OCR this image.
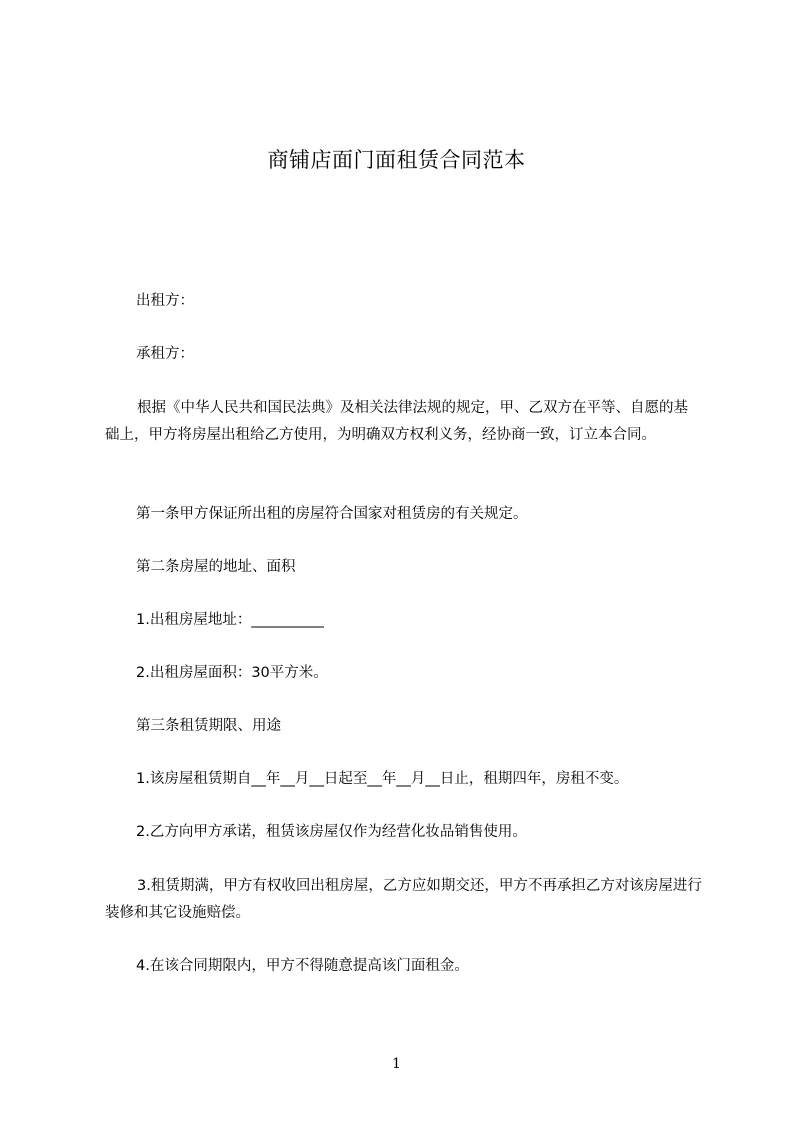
商铺店面门面租赁合同范本
出租方：
承租方：
根据《中华人民共和国民法典》及相关法律法规的规定，甲、乙双方在平等、自愿的基础上，甲方将房屋出租给乙方使用，为明确双方权利义务，经协商一致，订立本合同。
第一条甲方保证所出租的房屋符合国家对租赁房的有关规定。
第二条房屋的地址、面积
1.出租房屋地址：__________
2.出租房屋面积：30平方米。
第三条租赁期限、用途
1.该房屋租赁期自__年__月__日起至__年__月__日止，租期四年，房租不变。
2.乙方向甲方承诺，租赁该房屋仅作为经营化妆品销售使用。
3.租赁期满，甲方有权收回出租房屋，乙方应如期交还，甲方不再承担乙方对该房屋进行装修和其它设施赔偿。
4.在该合同期限内，甲方不得随意提高该门面租金。
1
